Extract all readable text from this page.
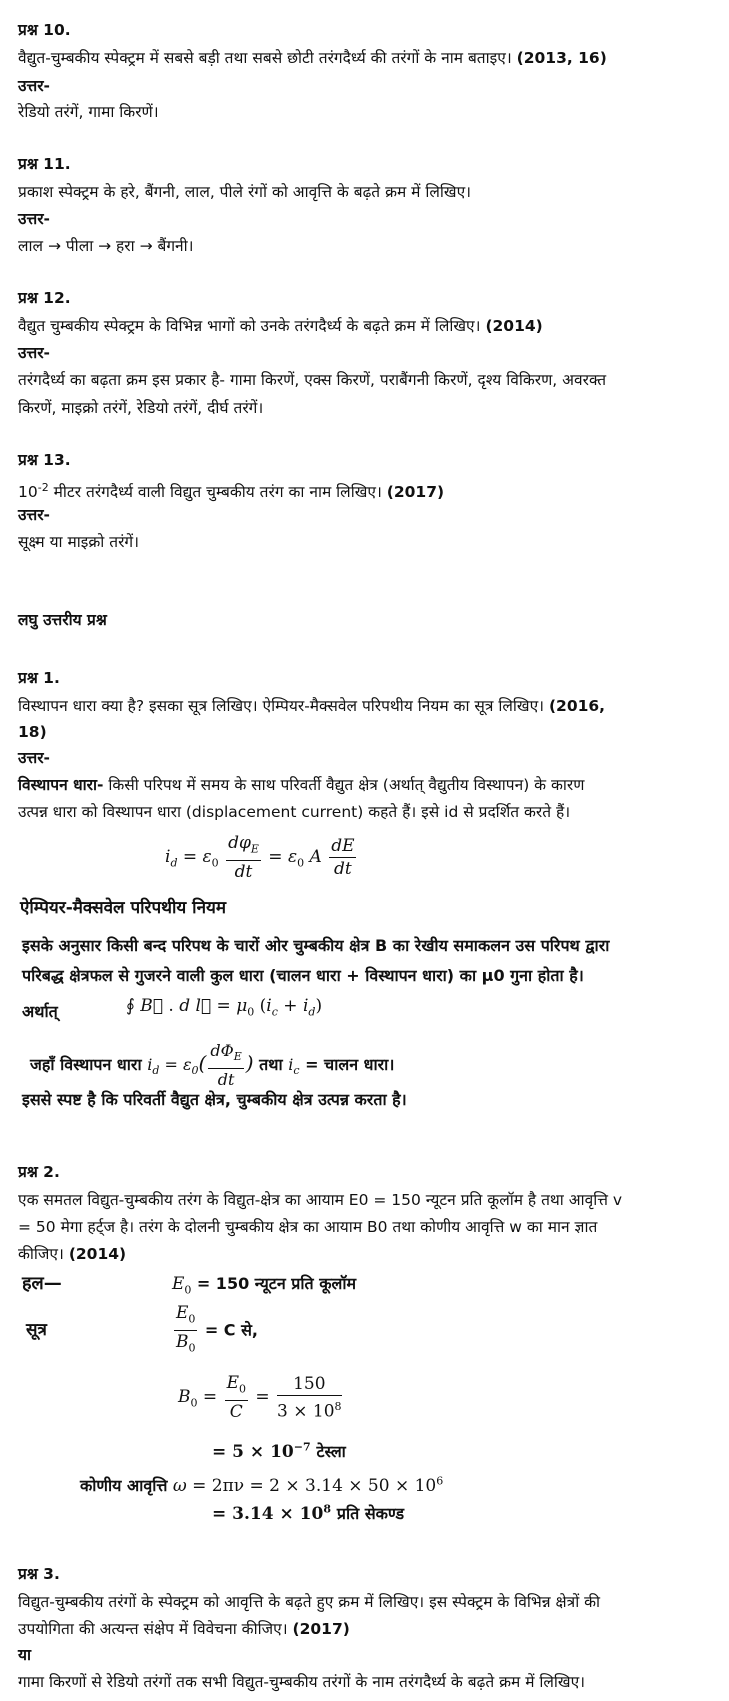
प्रश्न 10.
वैद्युत-चुम्बकीय स्पेक्ट्रम में सबसे बड़ी तथा सबसे छोटी तरंगदैर्ध्य की तरंगों के नाम बताइए। (2013, 16)
उत्तर-
रेडियो तरंगें, गामा किरणें।
प्रश्न 11.
प्रकाश स्पेक्ट्रम के हरे, बैंगनी, लाल, पीले रंगों को आवृत्ति के बढ़ते क्रम में लिखिए।
उत्तर-
लाल → पीला → हरा → बैंगनी।
प्रश्न 12.
वैद्युत चुम्बकीय स्पेक्ट्रम के विभिन्न भागों को उनके तरंगदैर्ध्य के बढ़ते क्रम में लिखिए। (2014)
उत्तर-
तरंगदैर्ध्य का बढ़ता क्रम इस प्रकार है- गामा किरणें, एक्स किरणें, पराबैंगनी किरणें, दृश्य विकिरण, अवरक्त
किरणें, माइक्रो तरंगें, रेडियो तरंगें, दीर्घ तरंगें।
प्रश्न 13.
$10^{-2}$ मीटर तरंगदैर्ध्य वाली विद्युत चुम्बकीय तरंग का नाम लिखिए। (2017)
उत्तर-
सूक्ष्म या माइक्रो तरंगें।
लघु उत्तरीय प्रश्न
प्रश्न 1.
विस्थापन धारा क्या है? इसका सूत्र लिखिए। ऐम्पियर-मैक्सवेल परिपथीय नियम का सूत्र लिखिए। (2016,
18)
उत्तर-
विस्थापन धारा- किसी परिपथ में समय के साथ परिवर्ती वैद्युत क्षेत्र (अर्थात् वैद्युतीय विस्थापन) के कारण
उत्पन्न धारा को विस्थापन धारा (displacement current) कहते हैं। इसे id से प्रदर्शित करते हैं।
$i_d = \varepsilon_0 \frac{d\varphi_E}{dt} = \varepsilon_0$ A $\frac{dE}{dt}$
ऐम्पियर-मैक्सवेल परिपथीय नियम
इसके अनुसार किसी बन्द परिपथ के चारों ओर चुम्बकीय क्षेत्र B का रेखीय समाकलन उस परिपथ द्वारा
परिबद्ध क्षेत्रफल से गुजरने वाली कुल धारा (चालन धारा + विस्थापन धारा) का μ0 गुना होता है।
अर्थात्	∮ B⃗ . d l⃗ = $\mu_0$ $(i_c + i_d)$
जहाँ विस्थापन धारा $i_d = \varepsilon_0( \frac{d\Phi_E}{dt}$ ) तथा $i_c$ = चालन धारा।
इससे स्पष्ट है कि परिवर्ती वैद्युत क्षेत्र, चुम्बकीय क्षेत्र उत्पन्न करता है।
प्रश्न 2.
एक समतल विद्युत-चुम्बकीय तरंग के विद्युत-क्षेत्र का आयाम E0 = 150 न्यूटन प्रति कूलॉम है तथा आवृत्ति v
= 50 मेगा हर्ट्ज है। तरंग के दोलनी चुम्बकीय क्षेत्र का आयाम B0 तथा कोणीय आवृत्ति w का मान ज्ञात
कीजिए। (2014)
हल—	$E_0 = 150$ न्यूटन प्रति कूलॉम
सूत्र	$\frac{E_0}{B_0} = C$ से,
$B_0 = \frac{E_0}{C} = \frac{150}{3 \times 10^8}$
= $5 \times 10^{-7}$ टेस्ला
कोणीय आवृत्ति $\omega = 2\pi\nu = 2 \times 3.14 \times 50 \times 10^6$
= $3.14 \times 10^8$ प्रति सेकण्ड
प्रश्न 3.
विद्युत-चुम्बकीय तरंगों के स्पेक्ट्रम को आवृत्ति के बढ़ते हुए क्रम में लिखिए। इस स्पेक्ट्रम के विभिन्न क्षेत्रों की
उपयोगिता की अत्यन्त संक्षेप में विवेचना कीजिए। (2017)
या
गामा किरणों से रेडियो तरंगों तक सभी विद्युत-चुम्बकीय तरंगों के नाम तरंगदैर्ध्य के बढ़ते क्रम में लिखिए।
